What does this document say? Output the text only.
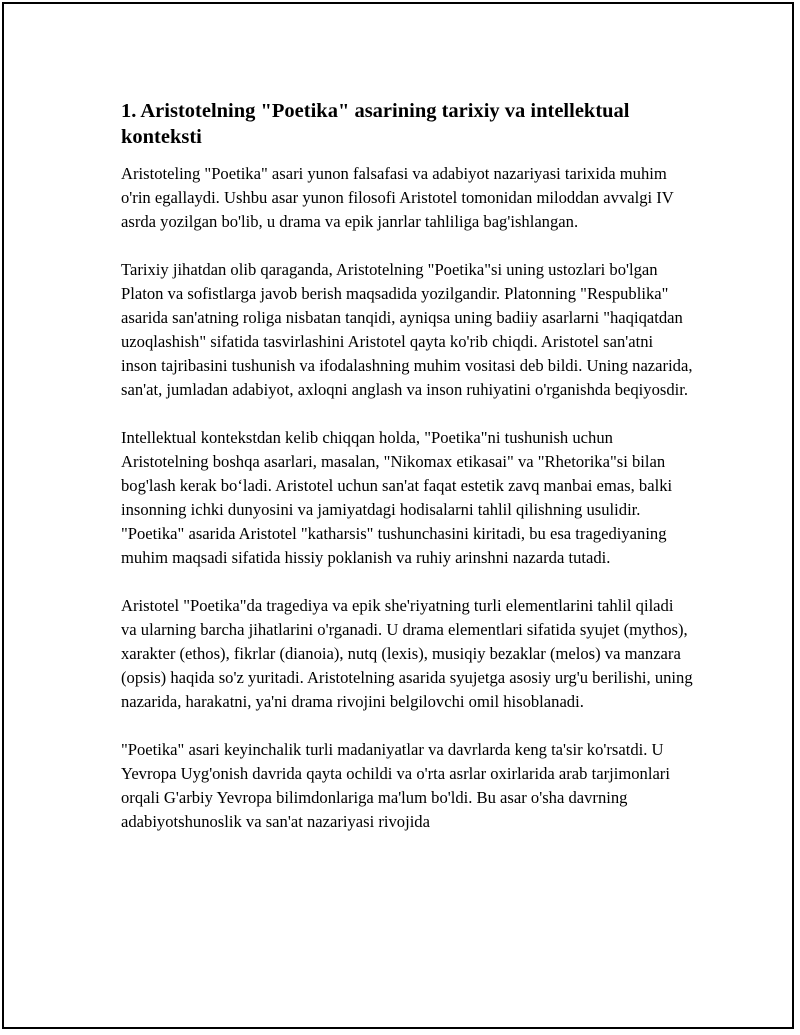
1. Aristotelning "Poetika" asarining tarixiy va intellektual konteksti

Aristoteling "Poetika" asari yunon falsafasi va adabiyot nazariyasi tarixida muhim o'rin egallaydi. Ushbu asar yunon filosofi Aristotel tomonidan miloddan avvalgi IV asrda yozilgan bo'lib, u drama va epik janrlar tahliliga bag'ishlangan.

Tarixiy jihatdan olib qaraganda, Aristotelning "Poetika"si uning ustozlari bo'lgan Platon va sofistlarga javob berish maqsadida yozilgandir. Platonning "Respublika" asarida san'atning roliga nisbatan tanqidi, ayniqsa uning badiiy asarlarni "haqiqatdan uzoqlashish" sifatida tasvirlashini Aristotel qayta ko'rib chiqdi. Aristotel san'atni inson tajribasini tushunish va ifodalashning muhim vositasi deb bildi. Uning nazarida, san'at, jumladan adabiyot, axloqni anglash va inson ruhiyatini o'rganishda beqiyosdir.

Intellektual kontekstdan kelib chiqqan holda, "Poetika"ni tushunish uchun Aristotelning boshqa asarlari, masalan, "Nikomax etikasai" va "Rhetorika"si bilan bog'lash kerak bo‘ladi. Aristotel uchun san'at faqat estetik zavq manbai emas, balki insonning ichki dunyosini va jamiyatdagi hodisalarni tahlil qilishning usulidir. "Poetika" asarida Aristotel "katharsis" tushunchasini kiritadi, bu esa tragediyaning muhim maqsadi sifatida hissiy poklanish va ruhiy arinshni nazarda tutadi.

Aristotel "Poetika"da tragediya va epik she'riyatning turli elementlarini tahlil qiladi va ularning barcha jihatlarini o'rganadi. U drama elementlari sifatida syujet (mythos), xarakter (ethos), fikrlar (dianoia), nutq (lexis), musiqiy bezaklar (melos) va manzara (opsis) haqida so'z yuritadi. Aristotelning asarida syujetga asosiy urg'u berilishi, uning nazarida, harakatni, ya'ni drama rivojini belgilovchi omil hisoblanadi.

"Poetika" asari keyinchalik turli madaniyatlar va davrlarda keng ta'sir ko'rsatdi. U Yevropa Uyg'onish davrida qayta ochildi va o'rta asrlar oxirlarida arab tarjimonlari orqali G'arbiy Yevropa bilimdonlariga ma'lum bo'ldi. Bu asar o'sha davrning adabiyotshunoslik va san'at nazariyasi rivojida
